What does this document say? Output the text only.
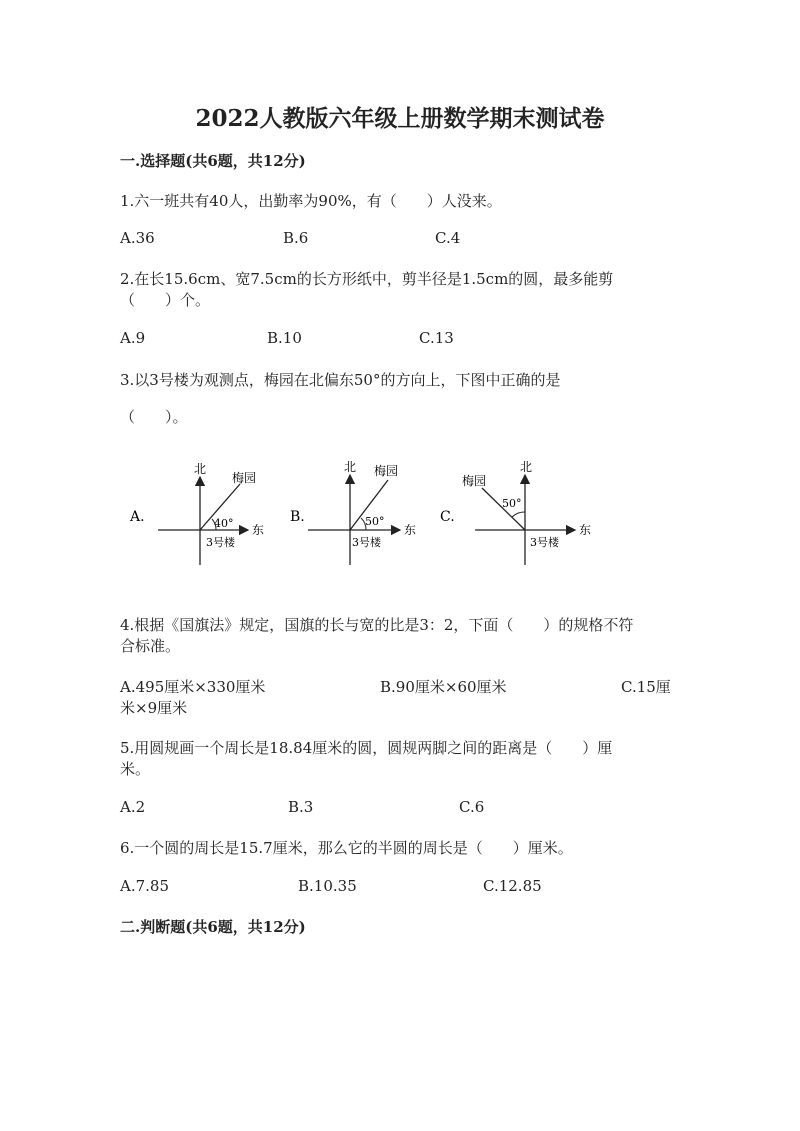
2022人教版六年级上册数学期末测试卷
一.选择题(共6题，共12分)
1.六一班共有40人，出勤率为90%，有（　　）人没来。
A.36	B.6	C.4
2.在长15.6cm、宽7.5cm的长方形纸中，剪半径是1.5cm的圆，最多能剪
（　　）个。
A.9	B.10	C.13
3.以3号楼为观测点，梅园在北偏东50°的方向上，下图中正确的是
（　　）。
A.
北
东
梅园
3号楼
40°	B.
北
东
梅园
3号楼
50°	C.
北
东
梅园
3号楼
50°
4.根据《国旗法》规定，国旗的长与宽的比是3：2，下面（　　）的规格不符
合标准。
A.495厘米×330厘米	B.90厘米×60厘米	C.15厘
米×9厘米
5.用圆规画一个周长是18.84厘米的圆，圆规两脚之间的距离是（　　）厘
米。
A.2	B.3	C.6
6.一个圆的周长是15.7厘米，那么它的半圆的周长是（　　）厘米。
A.7.85	B.10.35	C.12.85
二.判断题(共6题，共12分)
